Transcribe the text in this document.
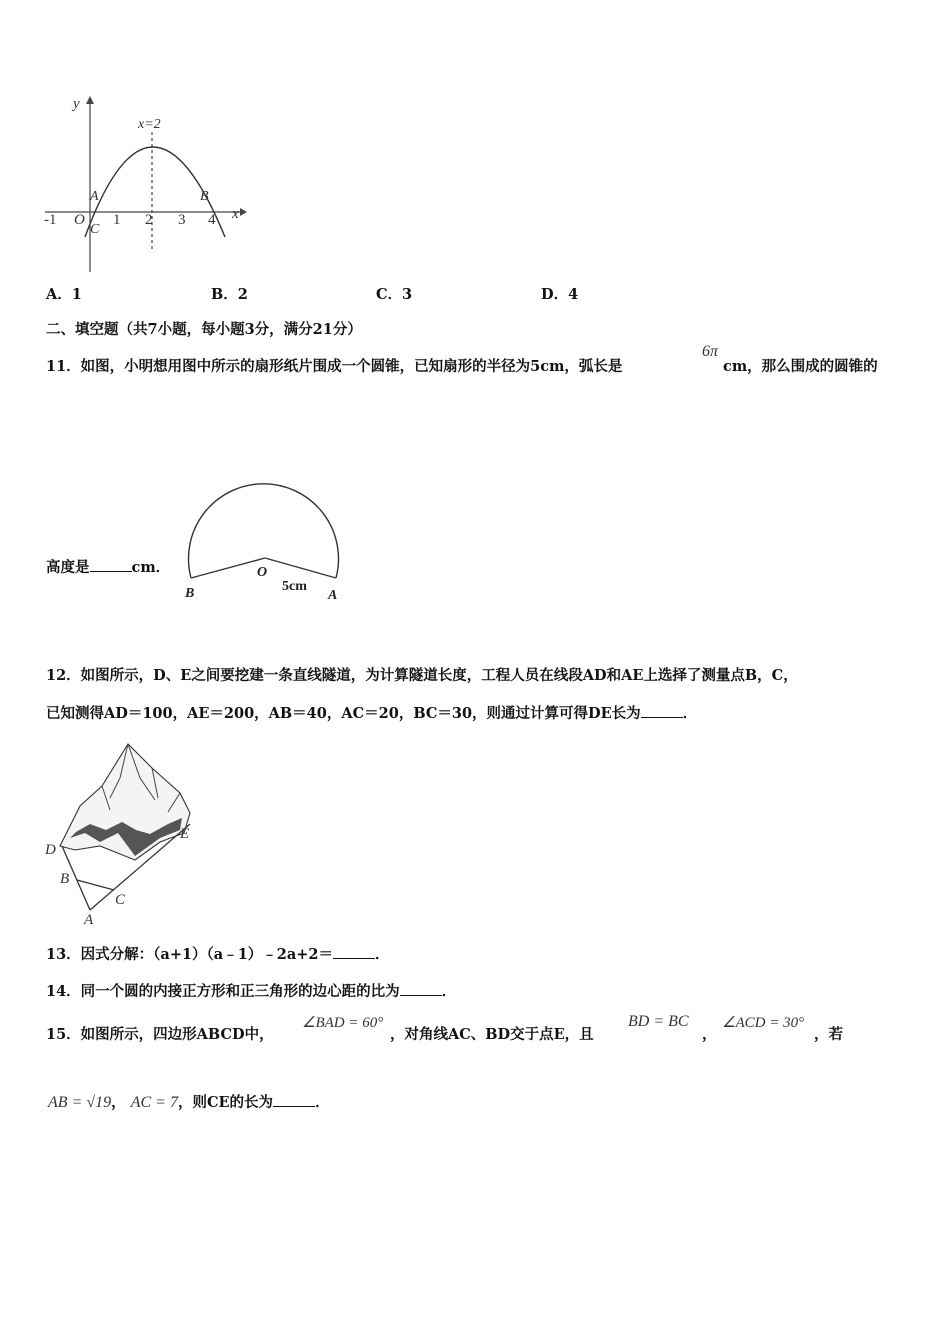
y
x
x=2
A	B
C
O
-1	1 2 3 4
A．1	B．2	C．3	D．4
二、填空题（共7小题，每小题3分，满分21分）
11．如图，小明想用图中所示的扇形纸片围成一个圆锥，已知扇形的半径为5cm，弧长是
6π
cm，那么围成的圆锥的
高度是	cm．	O
5cm
A
B
12．如图所示，D、E之间要挖建一条直线隧道，为计算隧道长度，工程人员在线段AD和AE上选择了测量点B，C，
已知测得AD＝100，AE＝200，AB＝40，AC＝20，BC＝30，则通过计算可得DE长为	．
D
E
B
C
A
13．因式分解：（a+1）（a﹣1）﹣2a+2＝	．
14．同一个圆的内接正方形和正三角形的边心距的比为	．
15．如图所示，四边形ABCD中，
∠BAD = 60°
，对角线AC、BD交于点E，且
BD = BC
，
∠ACD = 30°
，若
AB = √19， AC = 7，则CE的长为	．
